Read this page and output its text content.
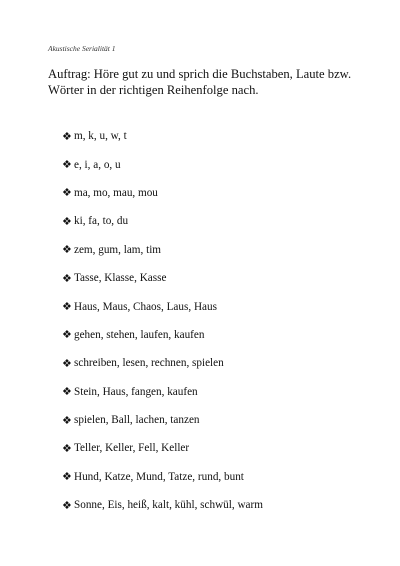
Akustische Serialität 1
Auftrag: Höre gut zu und sprich die Buchstaben, Laute bzw. Wörter in der richtigen Reihenfolge nach.
❖ m, k, u, w, t
❖ e, i, a, o, u
❖ ma, mo, mau, mou
❖ ki, fa, to, du
❖ zem, gum, lam, tim
❖ Tasse, Klasse, Kasse
❖ Haus, Maus, Chaos, Laus, Haus
❖ gehen, stehen, laufen, kaufen
❖ schreiben, lesen, rechnen, spielen
❖ Stein, Haus, fangen, kaufen
❖ spielen, Ball, lachen, tanzen
❖ Teller, Keller, Fell, Keller
❖ Hund, Katze, Mund, Tatze, rund, bunt
❖ Sonne, Eis, heiß, kalt, kühl, schwül, warm
